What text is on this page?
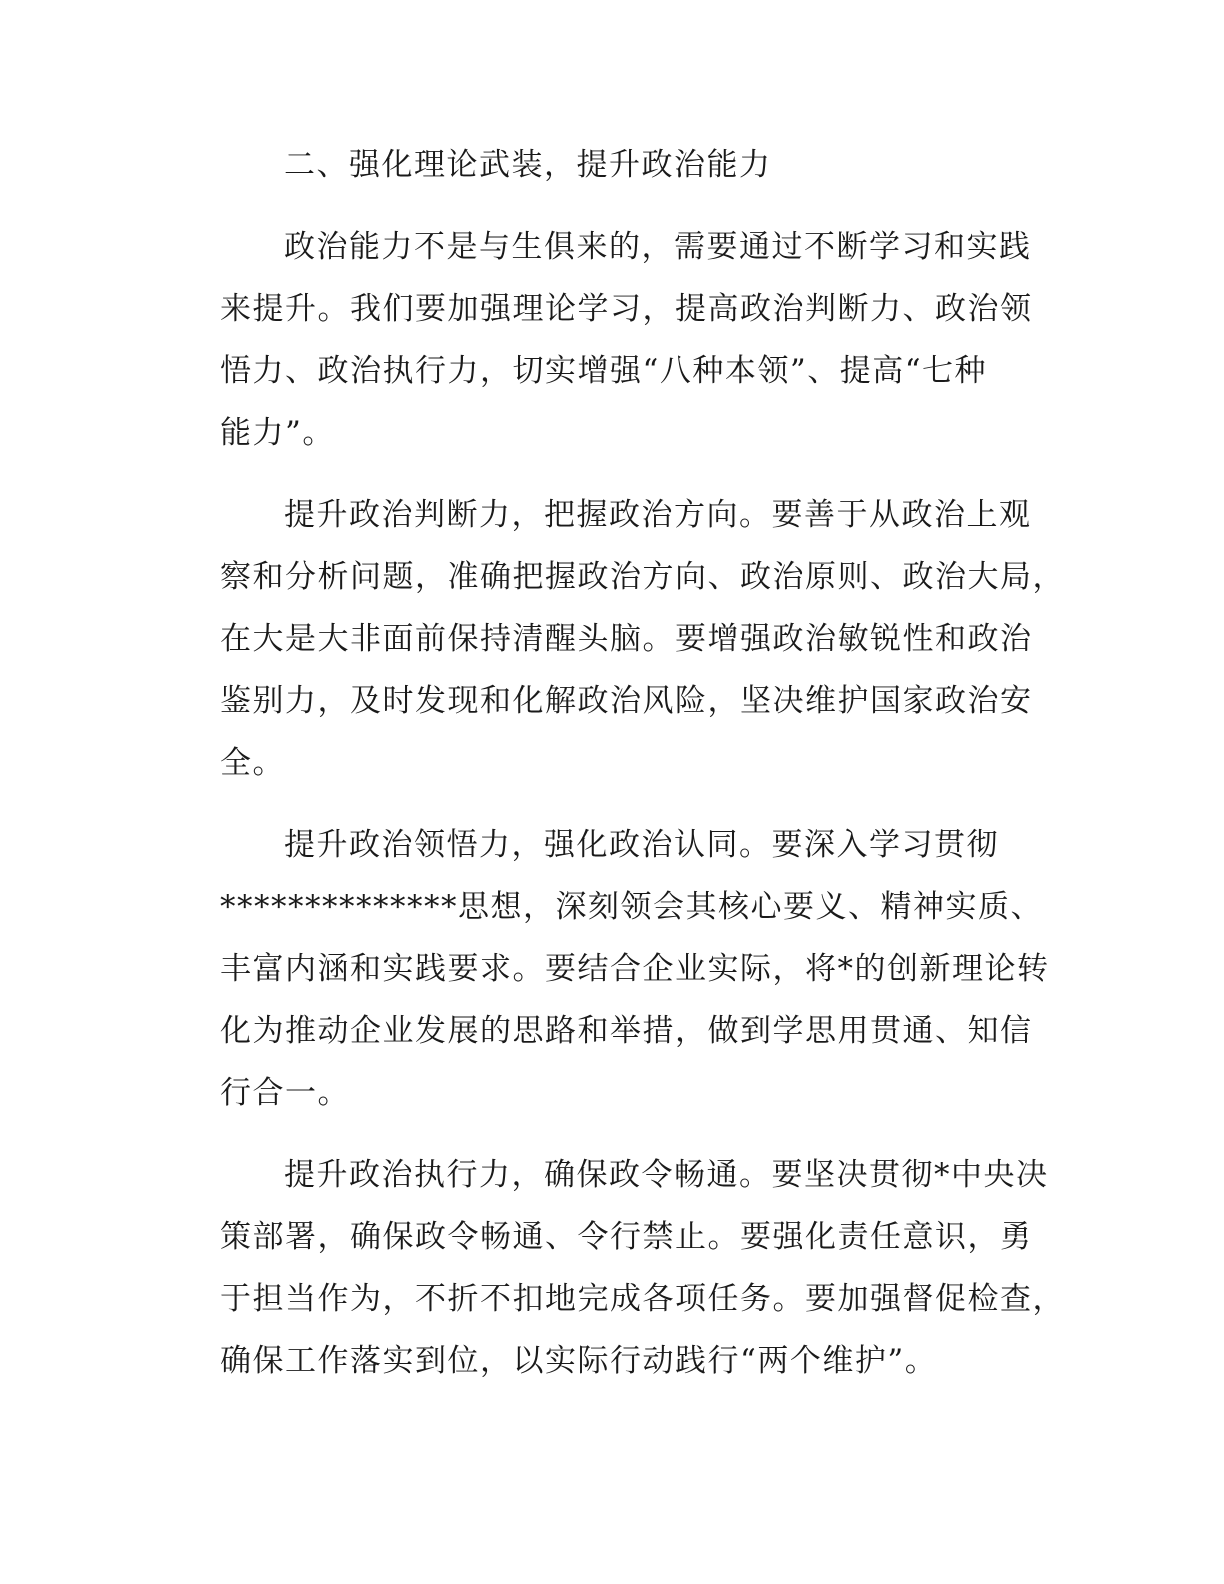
二、强化理论武装，提升政治能力
政治能力不是与生俱来的，需要通过不断学习和实践
来提升。我们要加强理论学习，提高政治判断力、政治领
悟力、政治执行力，切实增强“八种本领”、提高“七种
能力”。
提升政治判断力，把握政治方向。要善于从政治上观
察和分析问题，准确把握政治方向、政治原则、政治大局，
在大是大非面前保持清醒头脑。要增强政治敏锐性和政治
鉴别力，及时发现和化解政治风险，坚决维护国家政治安
全。
提升政治领悟力，强化政治认同。要深入学习贯彻
**************思想，深刻领会其核心要义、精神实质、
丰富内涵和实践要求。要结合企业实际，将*的创新理论转
化为推动企业发展的思路和举措，做到学思用贯通、知信
行合一。
提升政治执行力，确保政令畅通。要坚决贯彻*中央决
策部署，确保政令畅通、令行禁止。要强化责任意识，勇
于担当作为，不折不扣地完成各项任务。要加强督促检查，
确保工作落实到位，以实际行动践行“两个维护”。
